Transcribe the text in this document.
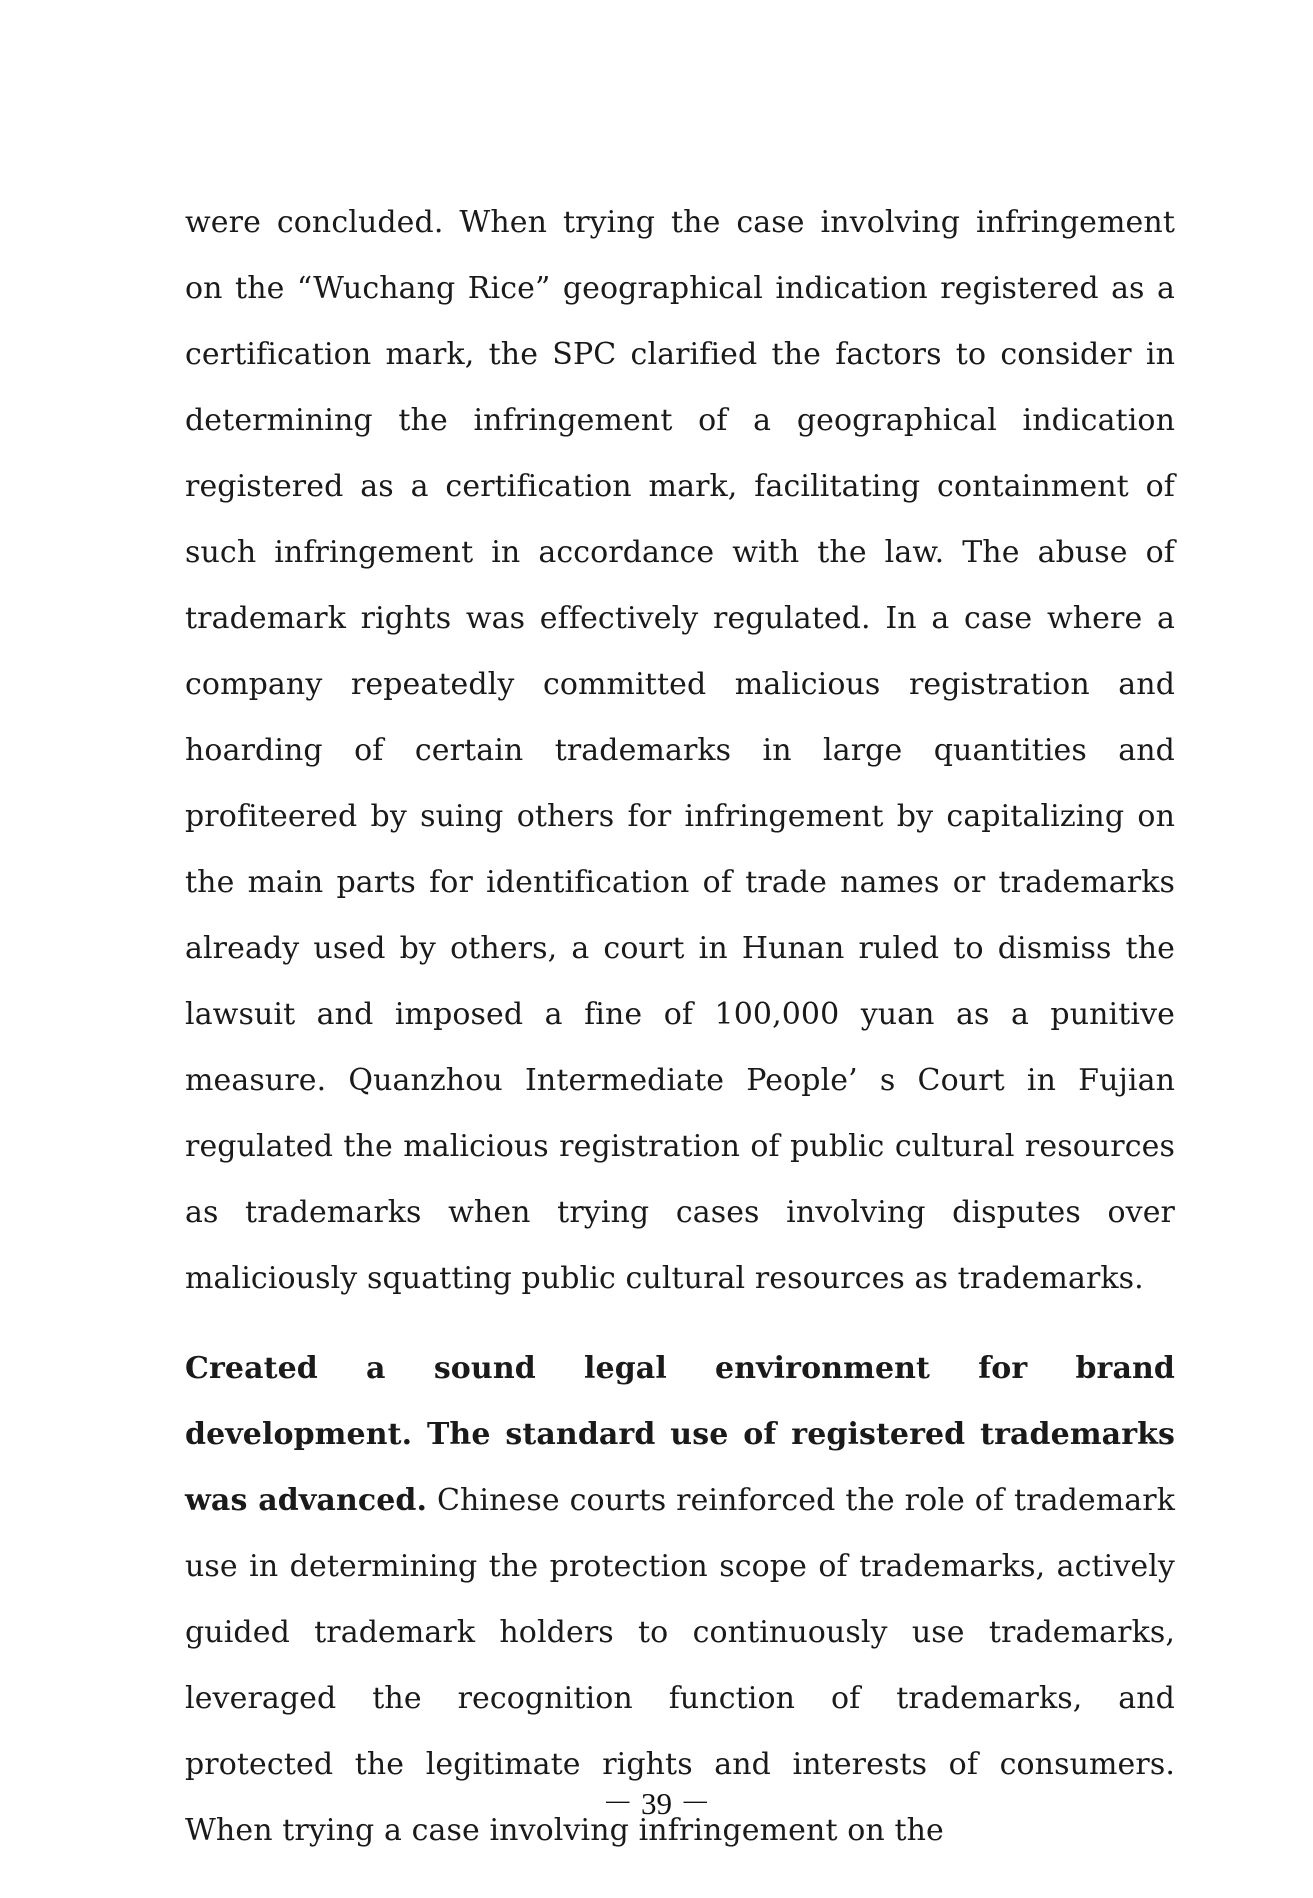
were concluded. When trying the case involving infringement on the “Wuchang Rice” geographical indication registered as a certification mark, the SPC clarified the factors to consider in determining the infringement of a geographical indication registered as a certification mark, facilitating containment of such infringement in accordance with the law. The abuse of trademark rights was effectively regulated. In a case where a company repeatedly committed malicious registration and hoarding of certain trademarks in large quantities and profiteered by suing others for infringement by capitalizing on the main parts for identification of trade names or trademarks already used by others, a court in Hunan ruled to dismiss the lawsuit and imposed a fine of 100,000 yuan as a punitive measure. Quanzhou Intermediate People’ s Court in Fujian regulated the malicious registration of public cultural resources as trademarks when trying cases involving disputes over maliciously squatting public cultural resources as trademarks.

Created a sound legal environment for brand development. The standard use of registered trademarks was advanced. Chinese courts reinforced the role of trademark use in determining the protection scope of trademarks, actively guided trademark holders to continuously use trademarks, leveraged the recognition function of trademarks, and protected the legitimate rights and interests of consumers. When trying a case involving infringement on the

－ 39 －
